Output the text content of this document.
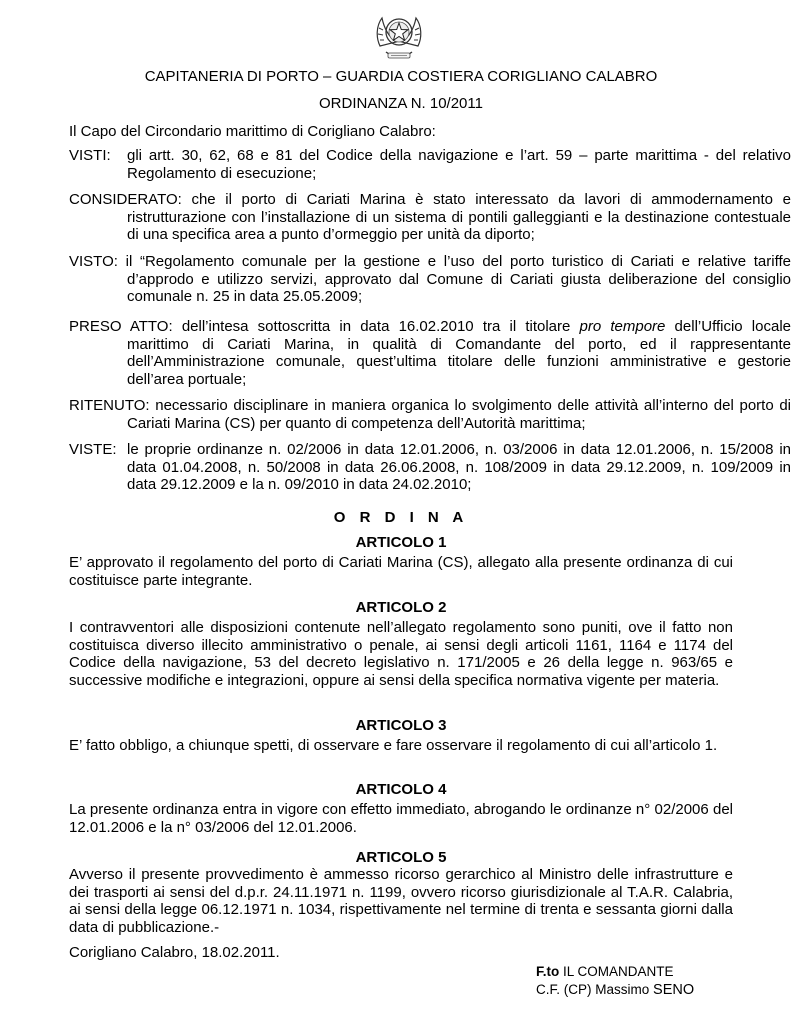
CAPITANERIA DI PORTO – GUARDIA COSTIERA CORIGLIANO CALABRO

ORDINANZA N. 10/2011

Il Capo del Circondario marittimo di Corigliano Calabro:

VISTI: gli artt. 30, 62, 68 e 81 del Codice della navigazione e l’art. 59 – parte marittima - del relativo Regolamento di esecuzione;

CONSIDERATO: che il porto di Cariati Marina è stato interessato da lavori di ammodernamento e ristrutturazione con l’installazione di un sistema di pontili galleggianti e la destinazione contestuale di una specifica area a punto d’ormeggio per unità da diporto;

VISTO: il “Regolamento comunale per la gestione e l’uso del porto turistico di Cariati e relative tariffe d’approdo e utilizzo servizi, approvato dal Comune di Cariati giusta deliberazione del consiglio comunale n. 25 in data 25.05.2009;

PRESO ATTO: dell’intesa sottoscritta in data 16.02.2010 tra il titolare pro tempore dell’Ufficio locale marittimo di Cariati Marina, in qualità di Comandante del porto, ed il rappresentante dell’Amministrazione comunale, quest’ultima titolare delle funzioni amministrative e gestorie dell’area portuale;

RITENUTO: necessario disciplinare in maniera organica lo svolgimento delle attività all’interno del porto di Cariati Marina (CS) per quanto di competenza dell’Autorità marittima;

VISTE: le proprie ordinanze n. 02/2006 in data 12.01.2006, n. 03/2006 in data 12.01.2006, n. 15/2008 in data 01.04.2008, n. 50/2008 in data 26.06.2008, n. 108/2009 in data 29.12.2009, n. 109/2009 in data 29.12.2009 e la n. 09/2010 in data 24.02.2010;

O R D I N A

ARTICOLO 1

E’ approvato il regolamento del porto di Cariati Marina (CS), allegato alla presente ordinanza di cui costituisce parte integrante.

ARTICOLO 2

I contravventori alle disposizioni contenute nell’allegato regolamento sono puniti, ove il fatto non costituisca diverso illecito amministrativo o penale, ai sensi degli articoli 1161, 1164 e 1174 del Codice della navigazione, 53 del decreto legislativo n. 171/2005 e 26 della legge n. 963/65 e successive modifiche e integrazioni, oppure ai sensi della specifica normativa vigente per materia.

ARTICOLO 3

E’ fatto obbligo, a chiunque spetti, di osservare e fare osservare il regolamento di cui all’articolo 1.

ARTICOLO 4

La presente ordinanza entra in vigore con effetto immediato, abrogando le ordinanze n° 02/2006 del 12.01.2006 e la n° 03/2006 del 12.01.2006.

ARTICOLO 5

Avverso il presente provvedimento è ammesso ricorso gerarchico al Ministro delle infrastrutture e dei trasporti ai sensi del d.p.r. 24.11.1971 n. 1199, ovvero ricorso giurisdizionale al T.A.R. Calabria, ai sensi della legge 06.12.1971 n. 1034, rispettivamente nel termine di trenta e sessanta giorni dalla data di pubblicazione.-

Corigliano Calabro, 18.02.2011.

F.to IL COMANDANTE
C.F. (CP) Massimo SENO
